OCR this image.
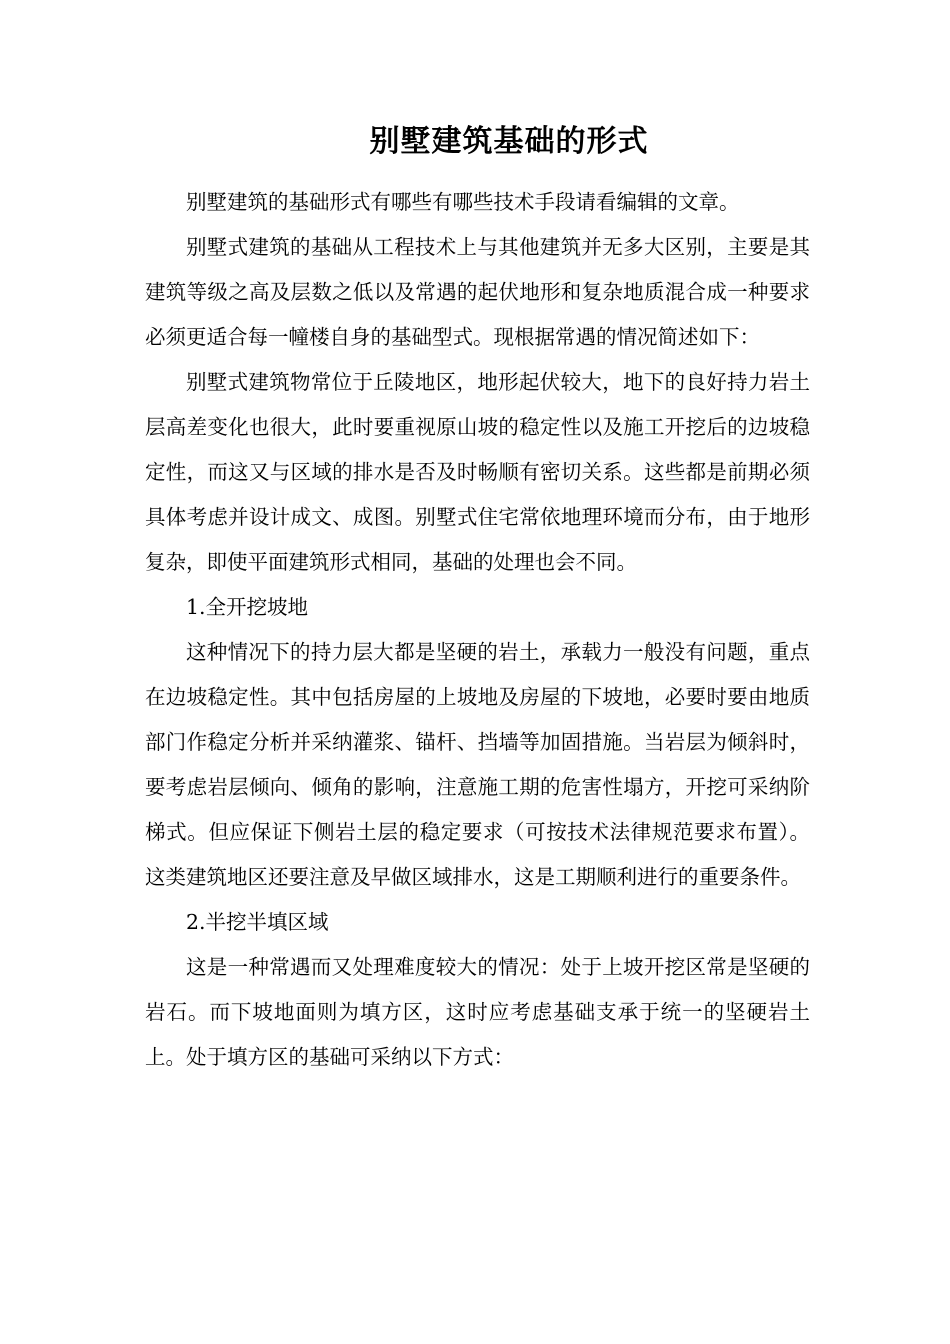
别墅建筑基础的形式

别墅建筑的基础形式有哪些有哪些技术手段请看编辑的文章。

别墅式建筑的基础从工程技术上与其他建筑并无多大区别，主要是其建筑等级之高及层数之低以及常遇的起伏地形和复杂地质混合成一种要求必须更适合每一幢楼自身的基础型式。现根据常遇的情况简述如下：

别墅式建筑物常位于丘陵地区，地形起伏较大，地下的良好持力岩土层高差变化也很大，此时要重视原山坡的稳定性以及施工开挖后的边坡稳定性，而这又与区域的排水是否及时畅顺有密切关系。这些都是前期必须具体考虑并设计成文、成图。别墅式住宅常依地理环境而分布，由于地形复杂，即使平面建筑形式相同，基础的处理也会不同。

1.全开挖坡地

这种情况下的持力层大都是坚硬的岩土，承载力一般没有问题，重点在边坡稳定性。其中包括房屋的上坡地及房屋的下坡地，必要时要由地质部门作稳定分析并采纳灌浆、锚杆、挡墙等加固措施。当岩层为倾斜时，要考虑岩层倾向、倾角的影响，注意施工期的危害性塌方，开挖可采纳阶梯式。但应保证下侧岩土层的稳定要求（可按技术法律规范要求布置）。这类建筑地区还要注意及早做区域排水，这是工期顺利进行的重要条件。

2.半挖半填区域

这是一种常遇而又处理难度较大的情况：处于上坡开挖区常是坚硬的岩石。而下坡地面则为填方区，这时应考虑基础支承于统一的坚硬岩土上。处于填方区的基础可采纳以下方式：
